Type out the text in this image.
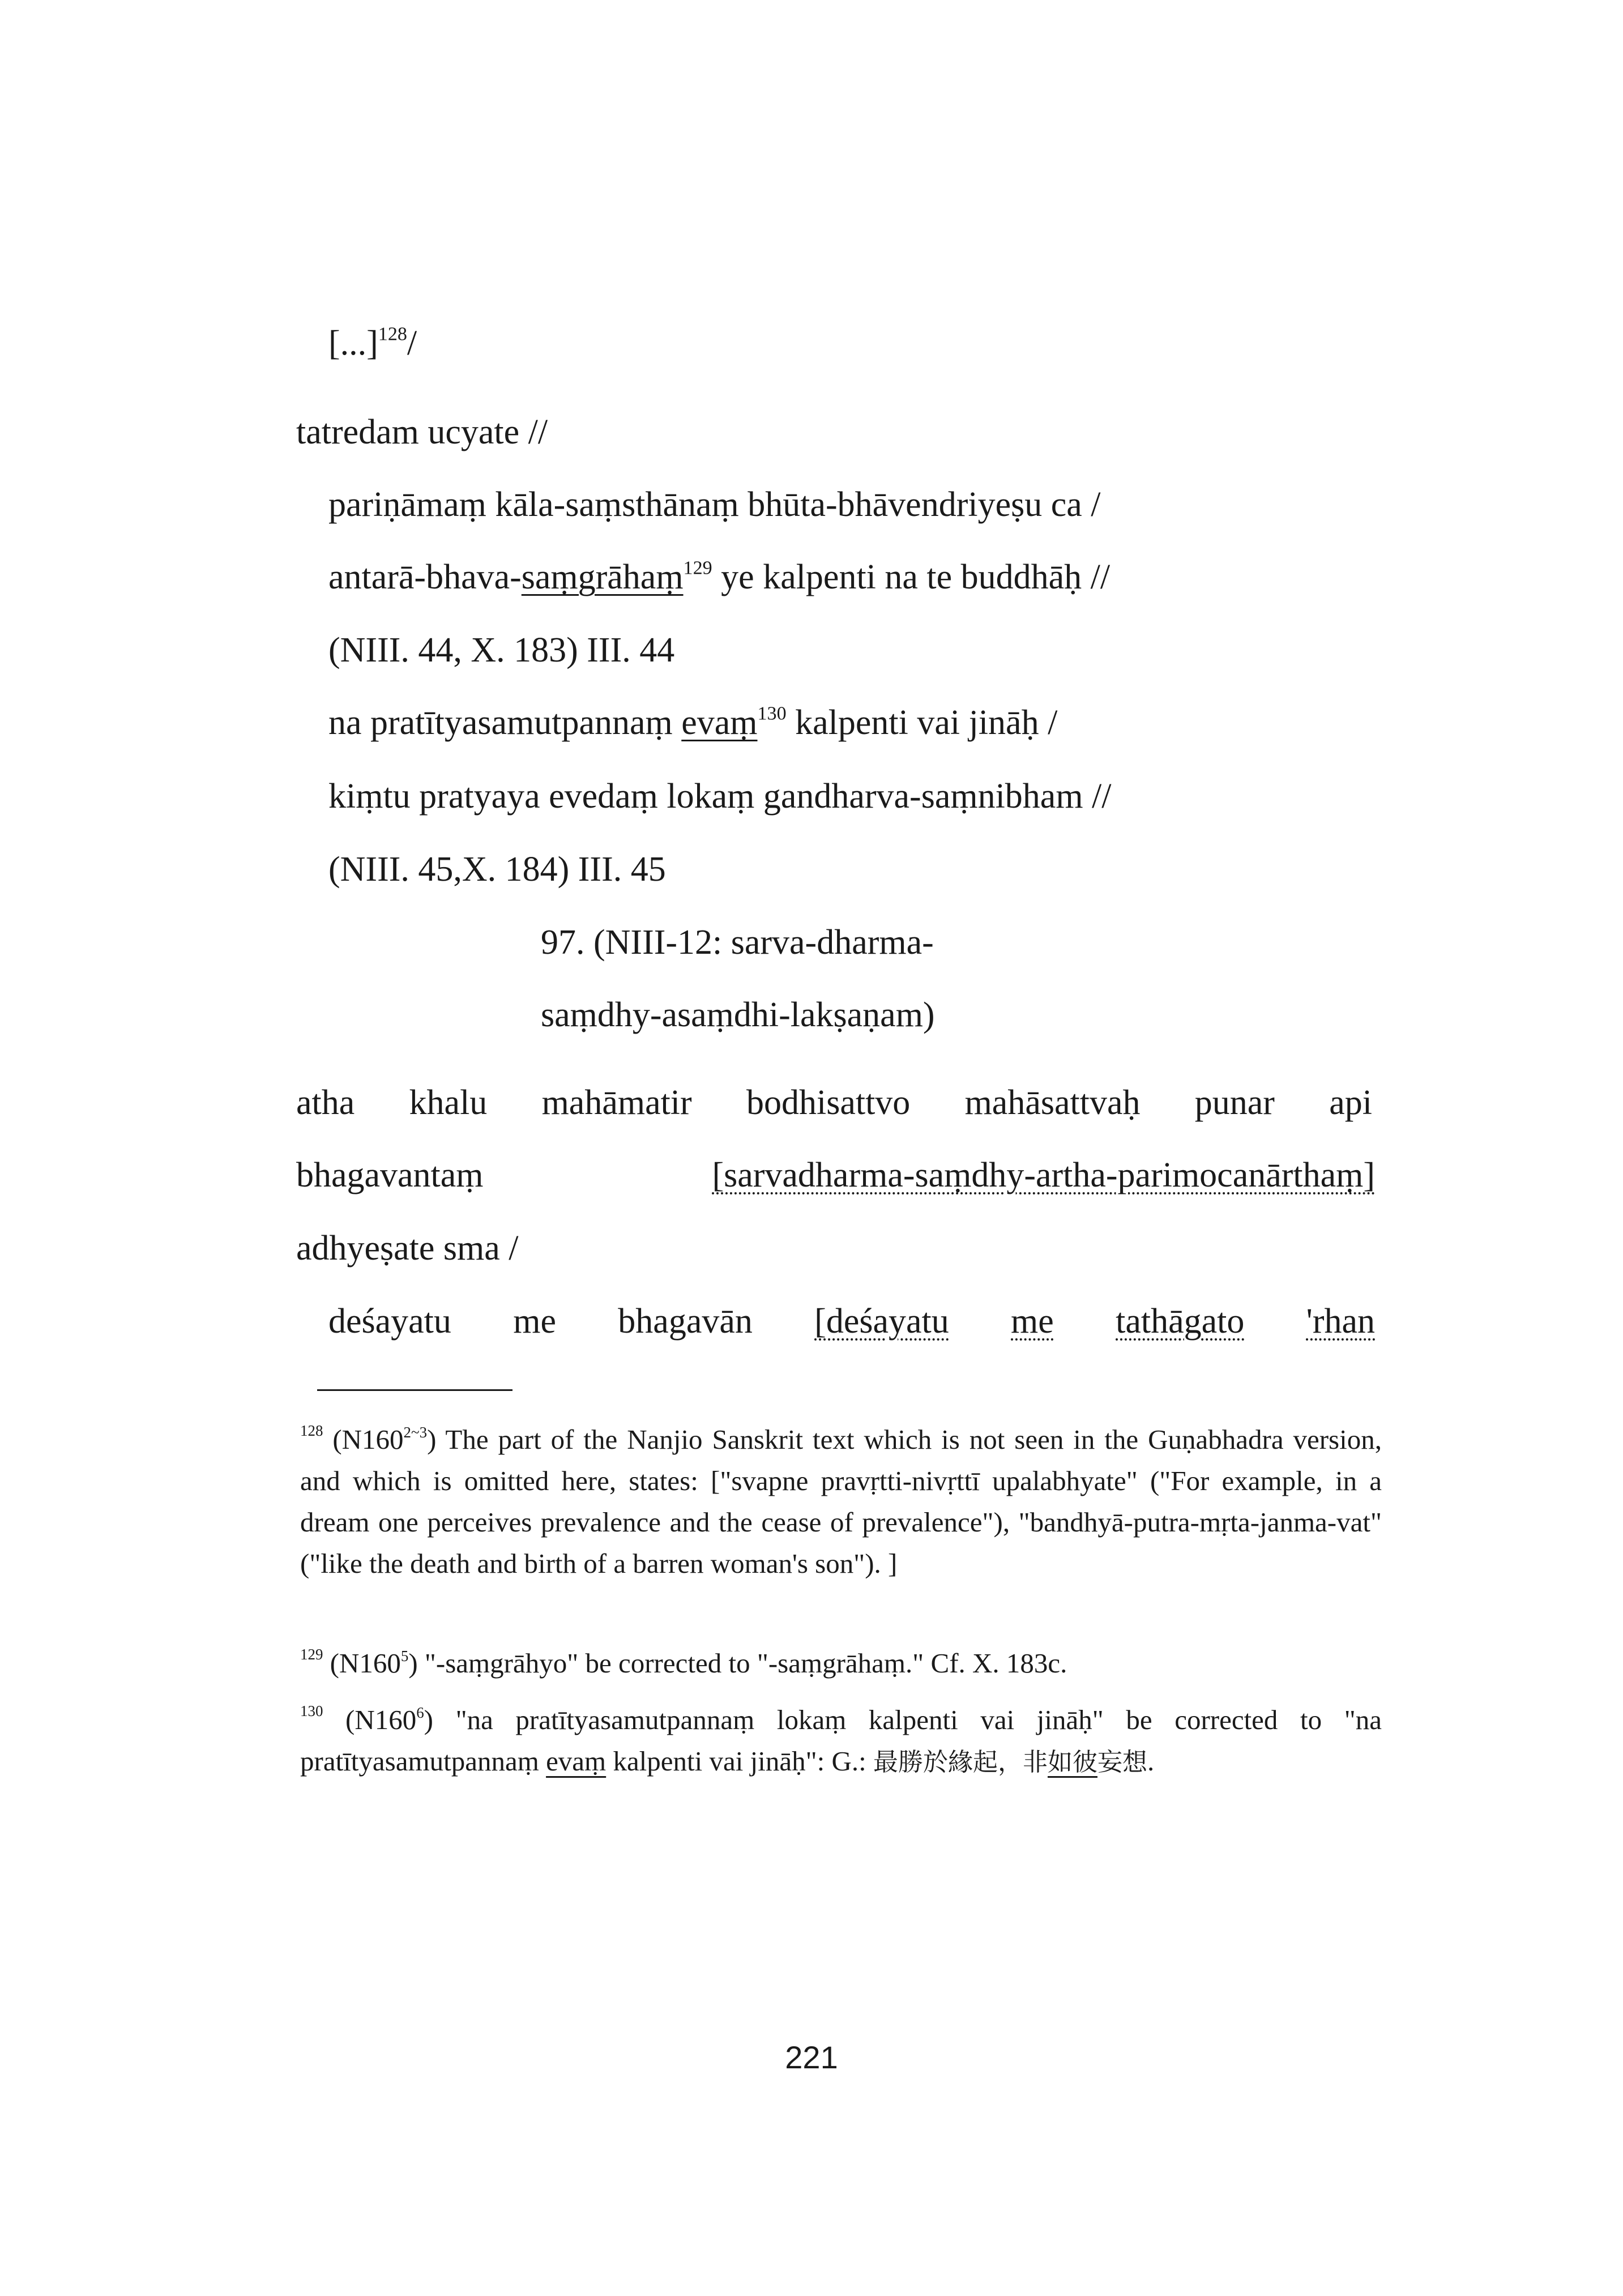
[...]$^{128}$/
tatredam ucyate //
pariṇāmaṃ kāla-saṃsthānaṃ bhūta-bhāvendriyeṣu ca /
antarā-bhava-saṃgrāhaṃ$^{129}$ ye kalpenti na te buddhāḥ //
(NIII. 44, X. 183) III. 44
na pratītyasamutpannaṃ evaṃ$^{130}$ kalpenti vai jināḥ /
kiṃtu pratyaya evedaṃ lokaṃ gandharva-saṃnibham //
(NIII. 45,X. 184) III. 45
97. (NIII-12: sarva-dharma-
saṃdhy-asaṃdhi-lakṣaṇam)
atha khalu mahāmatir bodhisattvo mahāsattvaḥ punar api
bhagavantaṃ	[sarvadharma-saṃdhy-artha-parimocanārthaṃ]
adhyeṣate sma /
deśayatu me bhagavān [deśayatu me tathāgato 'rhan
$^{128}$ $(N160^{2\sim 3})$ The part of the Nanjio Sanskrit text which is not seen in the Guṇabhadra version, and which is omitted here, states: ["svapne pravṛtti-nivṛttī upalabhyate" ("For example, in a dream one perceives prevalence and the cease of prevalence"), "bandhyā-putra-mṛta-janma-vat" ("like the death and birth of a barren woman's son"). ]
$^{129}$ $(N160^5)$ "-saṃgrāhyo" be corrected to "-saṃgrāhaṃ." Cf. X. 183c.
$^{130}$ $(N160^6)$ "na pratītyasamutpannaṃ lokaṃ kalpenti vai jināḥ" be corrected to "na pratītyasamutpannaṃ evaṃ kalpenti vai jināḥ": G.: 最勝於緣起，非如彼妄想.
221
